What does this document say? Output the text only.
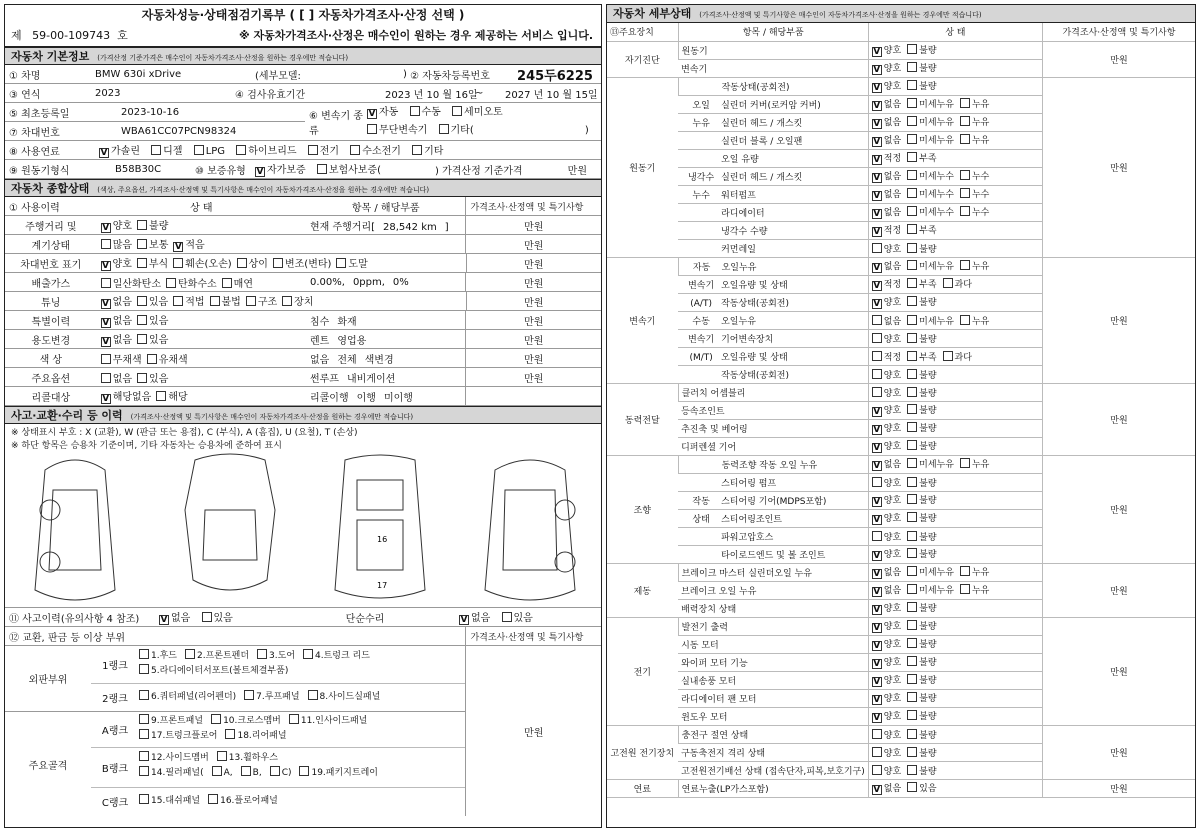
자동차성능·상태점검기록부 ( [ ] 자동차가격조사·산정 선택 )
제 59-00-109743 호	※ 자동차가격조사·산정은 매수인이 원하는 경우 제공하는 서비스 입니다.
자동차 기본정보 (가격산정 기준가격은 매수인이 자동차가격조사·산정을 원하는 경우에만 적습니다)
① 차명	BMW 630i xDrive	(세부모델:	)
② 자동차등록번호	245두6225
③ 연식	2023	④ 검사유효기간	2023 년 10 월 16일
~	2027 년 10 월 15일
⑤ 최초등록일	2023-10-16
⑦ 차대번호	WBA61CC07PCN98324
⑥ 변속기 종류
V 자동 수동 세미오토
무단변속기 기타(	)
⑧ 사용연료	V 가솔린 디젤 LPG 하이브리드 전기 수소전기 기타
⑨ 원동기형식	B58B30C	⑩ 보증유형	V 자가보증 보험사보증(	) 가격산정 기준가격	만원
자동차 종합상태 (색상, 주요옵션, 가격조사·산정액 및 특기사항은 매수인이 자동차가격조사·산정을 원하는 경우에만 적습니다)
① 사용이력	상 태	항목 / 해당부품	가격조사·산정액 및 특기사항
주행거리 및	V 양호 불량	현재 주행거리[ 28,542 km ]	만원
계기상태	많음 보통 V 적음	만원
차대번호 표기	V 양호 부식 훼손(오손) 상이 변조(변타) 도말	만원
배출가스	일산화탄소 탄화수소 매연	0.00%, 0ppm, 0%	만원
튜닝	V 없음 있음 적법 불법 구조 장치	만원
특별이력	V 없음 있음	침수 화재	만원
용도변경	V 없음 있음	렌트 영업용	만원
색 상	무채색 유채색	없음 전체 색변경	만원
주요옵션	없음 있음	썬루프 내비게이션	만원
리콜대상	V 해당없음 해당	리콜이행 이행 미이행
사고·교환·수리 등 이력 (가격조사·산정액 및 특기사항은 매수인이 자동차가격조사·산정을 원하는 경우에만 적습니다)
※ 상태표시 부호 : X (교환), W (판금 또는 용접), C (부식), A (흠집), U (요철), T (손상)
※ 하단 항목은 승용차 기준이며, 기타 자동차는 승용차에 준하여 표시
16
17
⑪ 사고이력(유의사항 4 참조)	V 없음 있음	단순수리	V 없음 있음
⑫ 교환, 판금 등 이상 부위	가격조사·산정액 및 특기사항
외판부위
1랭크
1.후드 2.프론트펜더 3.도어 4.트렁크 리드
5.라디에이터서포트(볼트체결부품)
2랭크	6.쿼터패널(리어펜더) 7.루프패널 8.사이드실패널
주요골격
A랭크
9.프론트패널 10.크로스멤버 11.인사이드패널
17.트렁크플로어 18.리어패널
B랭크
12.사이드멤버 13.휠하우스
14.필러패널( A, B, C) 19.패키지트레이
C랭크	15.대쉬패널 16.플로어패널
만원
자동차 세부상태 (가격조사·산정액 및 특기사항은 매수인이 자동차가격조사·산정을 원하는 경우에만 적습니다)
⑬주요장치	항목 / 해당부품	상 태	가격조사·산정액 및 특기사항
자기진단	원동기	V 양호 불량	만원
	변속기	V 양호 불량	
원동기	작동상태(공회전)	V 양호 불량	만원
	오일 실린더 커버(로커암 커버)	V 없음 미세누유 누유	
	누유 실린더 헤드 / 개스킷	V 없음 미세누유 누유	
	실린더 블록 / 오일팬	V 없음 미세누유 누유	
	오일 유량	V 적정 부족	
	냉각수 실린더 헤드 / 개스킷	V 없음 미세누수 누수	
	누수 워터펌프	V 없음 미세누수 누수	
	라디에이터	V 없음 미세누수 누수	
	냉각수 수량	V 적정 부족	
	커먼레일	양호 불량	
변속기	자동 오일누유	V 없음 미세누유 누유	만원
	변속기 오일유량 및 상태	V 적정 부족 과다	
	(A/T) 작동상태(공회전)	V 양호 불량	
	수동 오일누유	없음 미세누유 누유	
	변속기 기어변속장치	양호 불량	
	(M/T) 오일유량 및 상태	적정 부족 과다	
	작동상태(공회전)	양호 불량	
동력전달	클러치 어셈블리	양호 불량	만원
	등속조인트	V 양호 불량	
	추진축 및 베어링	V 양호 불량	
	디퍼렌셜 기어	V 양호 불량	
조향	동력조향 작동 오일 누유	V 없음 미세누유 누유	만원
	스티어링 펌프	양호 불량	
	작동 스티어링 기어(MDPS포함)	V 양호 불량	
	상태 스티어링조인트	V 양호 불량	
	파워고압호스	양호 불량	
	타이로드엔드 및 볼 조인트	V 양호 불량	
제동	브레이크 마스터 실린더오일 누유	V 없음 미세누유 누유	만원
	브레이크 오일 누유	V 없음 미세누유 누유	
	배력장치 상태	V 양호 불량	
전기	발전기 출력	V 양호 불량	만원
	시동 모터	V 양호 불량	
	와이퍼 모터 기능	V 양호 불량	
	실내송풍 모터	V 양호 불량	
	라디에이터 팬 모터	V 양호 불량	
	윈도우 모터	V 양호 불량	
고전원 전기장치	충전구 절연 상태	양호 불량	만원
	구동축전지 격리 상태	양호 불량	
	고전원전기배선 상태 (접속단자,피복,보호기구)	양호 불량	
연료	연료누출(LP가스포함)	V 없음 있음	만원
